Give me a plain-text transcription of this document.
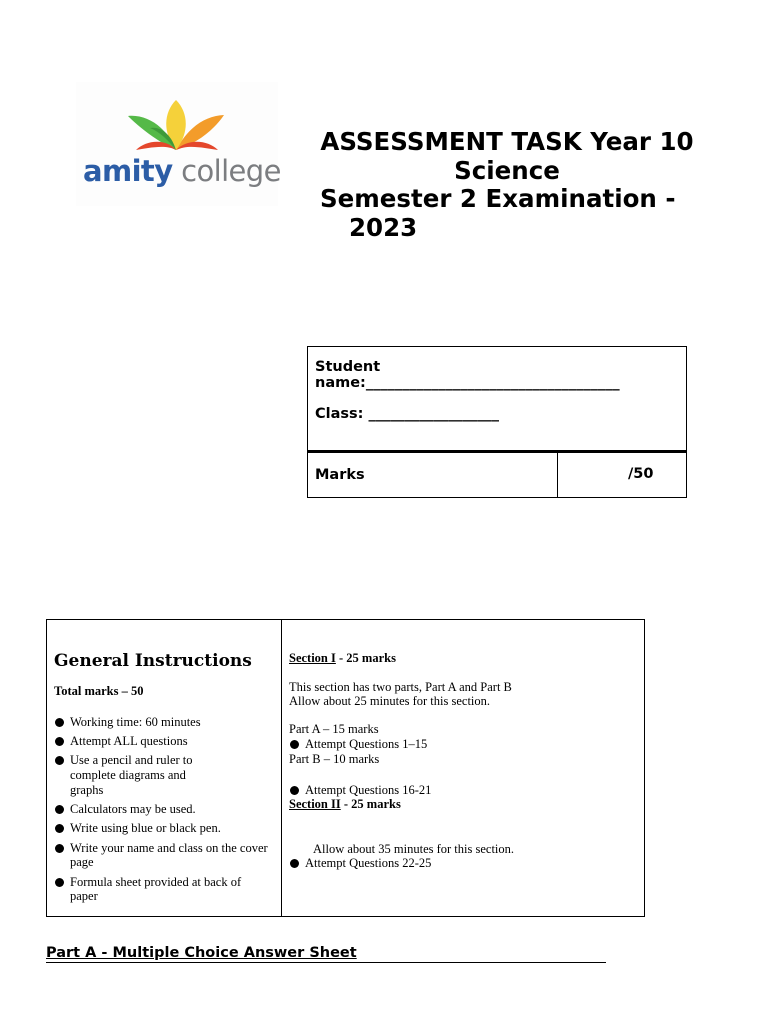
amity college
ASSESSMENT TASK Year 10
Science
Semester 2 Examination -
2023
Student
name:___________________________________
Class: __________________
Marks	/50
General Instructions
Total marks – 50
Working time: 60 minutes
Attempt ALL questions
Use a pencil and ruler to complete diagrams and graphs
Calculators may be used.
Write using blue or black pen.
Write your name and class on the cover page
Formula sheet provided at back of paper
Section I - 25 marks
This section has two parts, Part A and Part B
Allow about 25 minutes for this section.
Part A – 15 marks
Attempt Questions 1–15
Part B – 10 marks
Attempt Questions 16-21
Section II - 25 marks
Attempt Questions 22-25
Allow about 35 minutes for this section.
Part A - Multiple Choice Answer Sheet
